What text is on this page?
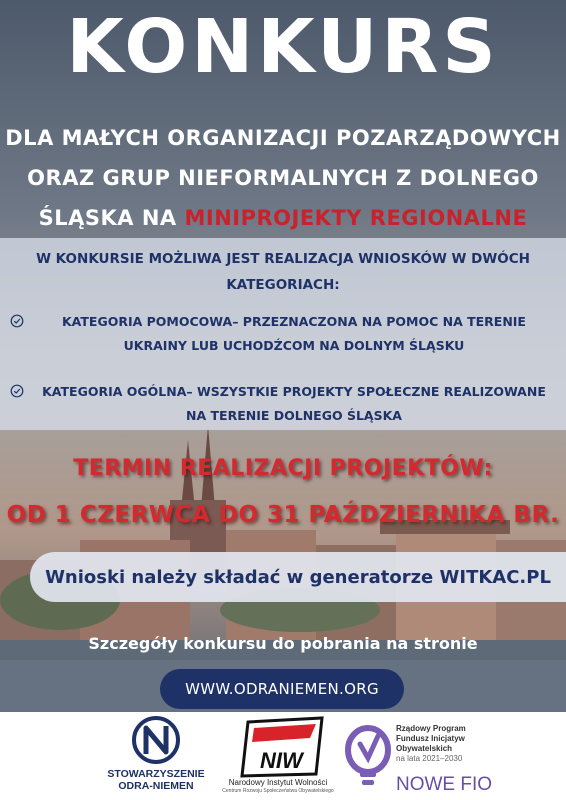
KONKURS
DLA MAŁYCH ORGANIZACJI POZARZĄDOWYCH
ORAZ GRUP NIEFORMALNYCH Z DOLNEGO
ŚLĄSKA NA MINIPROJEKTY REGIONALNE
W KONKURSIE MOŻLIWA JEST REALIZACJA WNIOSKÓW W DWÓCH KATEGORIACH:
KATEGORIA POMOCOWA– PRZEZNACZONA NA POMOC NA TERENIE UKRAINY LUB UCHODŹCOM NA DOLNYM ŚLĄSKU
KATEGORIA OGÓLNA– WSZYSTKIE PROJEKTY SPOŁECZNE REALIZOWANE NA TERENIE DOLNEGO ŚLĄSKA
TERMIN REALIZACJI PROJEKTÓW:
OD 1 CZERWCA DO 31 PAŹDZIERNIKA BR.
Wnioski należy składać w generatorze WITKAC.PL
Szczegóły konkursu do pobrania na stronie
WWW.ODRANIEMEN.ORG
STOWARZYSZENIE
ODRA-NIEMEN
NIW
Narodowy Instytut Wolności
Centrum Rozwoju Społeczeństwa Obywatelskiego
Rządowy Program
Fundusz Inicjatyw
Obywatelskich
na lata 2021–2030
NOWE FIO
